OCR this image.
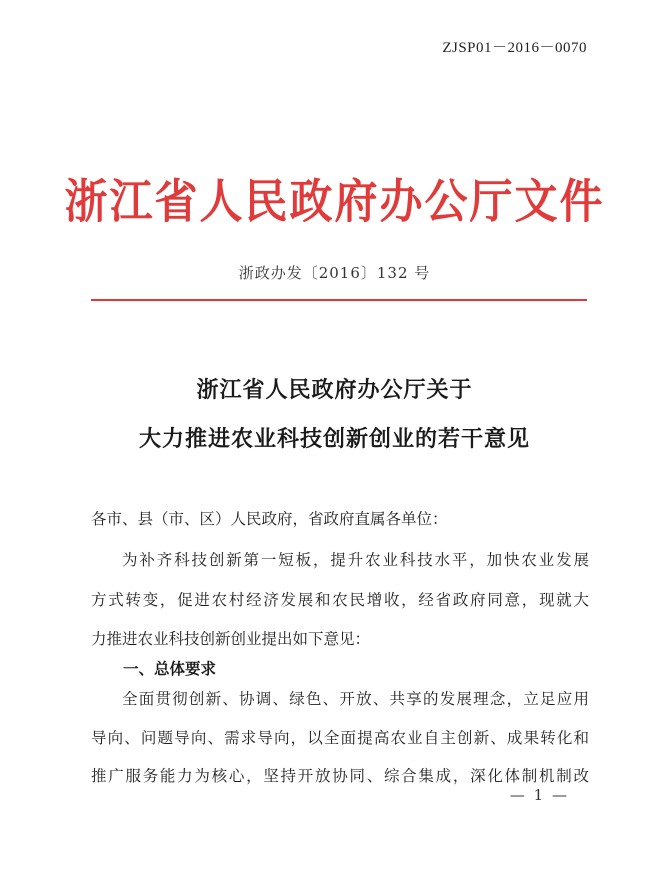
ZJSP01－2016－0070
浙江省人民政府办公厅文件
浙政办发〔2016〕132 号
浙江省人民政府办公厅关于
大力推进农业科技创新创业的若干意见
各市、县（市、区）人民政府，省政府直属各单位：
为补齐科技创新第一短板，提升农业科技水平，加快农业发展
方式转变，促进农村经济发展和农民增收，经省政府同意，现就大
力推进农业科技创新创业提出如下意见：
一、总体要求
全面贯彻创新、协调、绿色、开放、共享的发展理念，立足应用
导向、问题导向、需求导向，以全面提高农业自主创新、成果转化和
推广服务能力为核心，坚持开放协同、综合集成，深化体制机制改
— 1 —
